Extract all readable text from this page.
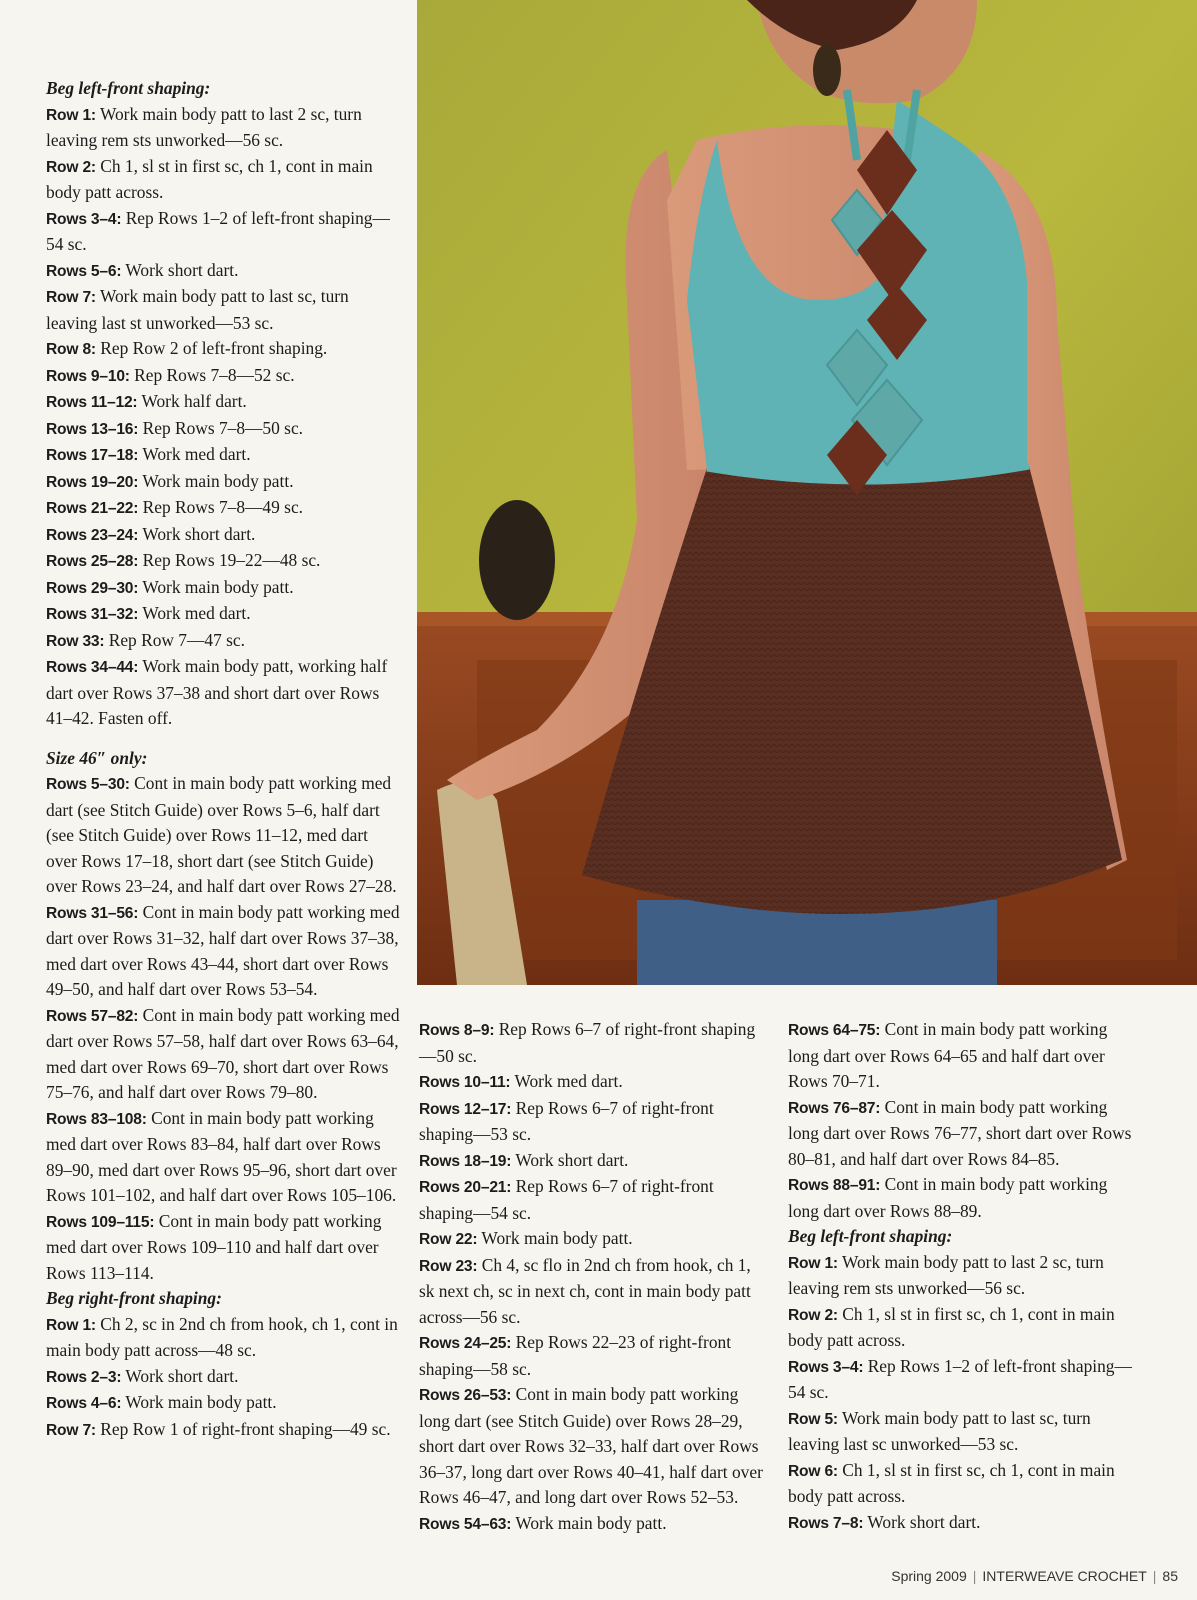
Beg left-front shaping:

Row 1: Work main body patt to last 2 sc, turn leaving rem sts unworked—56 sc.

Row 2: Ch 1, sl st in first sc, ch 1, cont in main body patt across.

Rows 3–4: Rep Rows 1–2 of left-front shaping—54 sc.

Rows 5–6: Work short dart.

Row 7: Work main body patt to last sc, turn leaving last st unworked—53 sc.

Row 8: Rep Row 2 of left-front shaping.

Rows 9–10: Rep Rows 7–8—52 sc.

Rows 11–12: Work half dart.

Rows 13–16: Rep Rows 7–8—50 sc.

Rows 17–18: Work med dart.

Rows 19–20: Work main body patt.

Rows 21–22: Rep Rows 7–8—49 sc.

Rows 23–24: Work short dart.

Rows 25–28: Rep Rows 19–22—48 sc.

Rows 29–30: Work main body patt.

Rows 31–32: Work med dart.

Row 33: Rep Row 7—47 sc.

Rows 34–44: Work main body patt, working half dart over Rows 37–38 and short dart over Rows 41–42. Fasten off.

Size 46″ only:

Rows 5–30: Cont in main body patt working med dart (see Stitch Guide) over Rows 5–6, half dart (see Stitch Guide) over Rows 11–12, med dart over Rows 17–18, short dart (see Stitch Guide) over Rows 23–24, and half dart over Rows 27–28.

Rows 31–56: Cont in main body patt working med dart over Rows 31–32, half dart over Rows 37–38, med dart over Rows 43–44, short dart over Rows 49–50, and half dart over Rows 53–54.

Rows 57–82: Cont in main body patt working med dart over Rows 57–58, half dart over Rows 63–64, med dart over Rows 69–70, short dart over Rows 75–76, and half dart over Rows 79–80.

Rows 83–108: Cont in main body patt working med dart over Rows 83–84, half dart over Rows 89–90, med dart over Rows 95–96, short dart over Rows 101–102, and half dart over Rows 105–106.

Rows 109–115: Cont in main body patt working med dart over Rows 109–110 and half dart over Rows 113–114.

Beg right-front shaping:

Row 1: Ch 2, sc in 2nd ch from hook, ch 1, cont in main body patt across—48 sc.

Rows 2–3: Work short dart.

Rows 4–6: Work main body patt.

Row 7: Rep Row 1 of right-front shaping—49 sc.

Rows 8–9: Rep Rows 6–7 of right-front shaping—50 sc.

Rows 10–11: Work med dart.

Rows 12–17: Rep Rows 6–7 of right-front shaping—53 sc.

Rows 18–19: Work short dart.

Rows 20–21: Rep Rows 6–7 of right-front shaping—54 sc.

Row 22: Work main body patt.

Row 23: Ch 4, sc flo in 2nd ch from hook, ch 1, sk next ch, sc in next ch, cont in main body patt across—56 sc.

Rows 24–25: Rep Rows 22–23 of right-front shaping—58 sc.

Rows 26–53: Cont in main body patt working long dart (see Stitch Guide) over Rows 28–29, short dart over Rows 32–33, half dart over Rows 36–37, long dart over Rows 40–41, half dart over Rows 46–47, and long dart over Rows 52–53.

Rows 54–63: Work main body patt.

Rows 64–75: Cont in main body patt working long dart over Rows 64–65 and half dart over Rows 70–71.

Rows 76–87: Cont in main body patt working long dart over Rows 76–77, short dart over Rows 80–81, and half dart over Rows 84–85.

Rows 88–91: Cont in main body patt working long dart over Rows 88–89.

Beg left-front shaping:

Row 1: Work main body patt to last 2 sc, turn leaving rem sts unworked—56 sc.

Row 2: Ch 1, sl st in first sc, ch 1, cont in main body patt across.

Rows 3–4: Rep Rows 1–2 of left-front shaping—54 sc.

Row 5: Work main body patt to last sc, turn leaving last sc unworked—53 sc.

Row 6: Ch 1, sl st in first sc, ch 1, cont in main body patt across.

Rows 7–8: Work short dart.

Spring 2009 | INTERWEAVE CROCHET | 85
